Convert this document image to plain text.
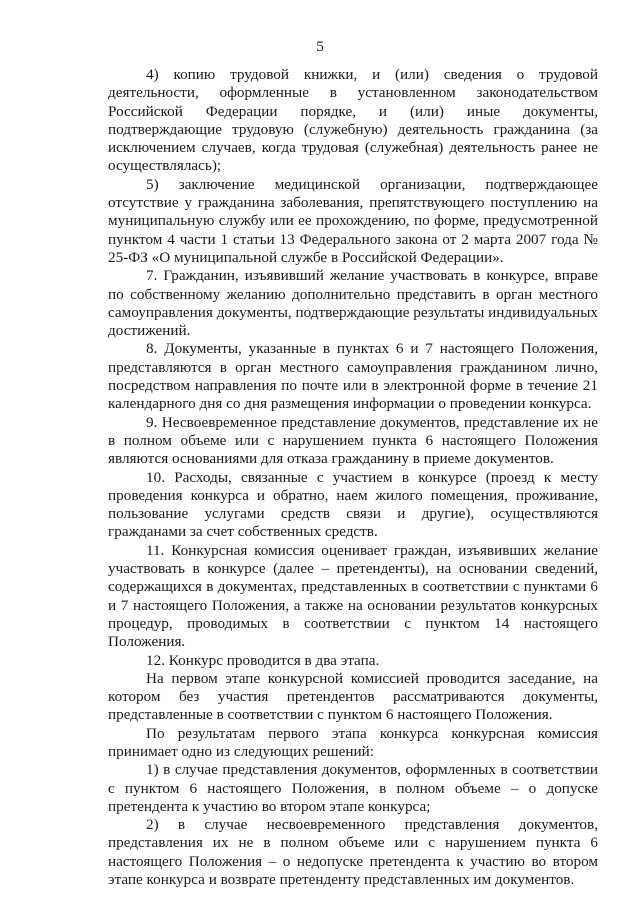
5

4) копию трудовой книжки, и (или) сведения о трудовой деятельности, оформленные в установленном законодательством Российской Федерации порядке, и (или) иные документы, подтверждающие трудовую (служебную) деятельность гражданина (за исключением случаев, когда трудовая (служебная) деятельность ранее не осуществлялась);

5) заключение медицинской организации, подтверждающее отсутствие у гражданина заболевания, препятствующего поступлению на муниципальную службу или ее прохождению, по форме, предусмотренной пунктом 4 части 1 статьи 13 Федерального закона от 2 марта 2007 года № 25-ФЗ «О муниципальной службе в Российской Федерации».

7. Гражданин, изъявивший желание участвовать в конкурсе, вправе по собственному желанию дополнительно представить в орган местного самоуправления документы, подтверждающие результаты индивидуальных достижений.

8. Документы, указанные в пунктах 6 и 7 настоящего Положения, представляются в орган местного самоуправления гражданином лично, посредством направления по почте или в электронной форме в течение 21 календарного дня со дня размещения информации о проведении конкурса.

9. Несвоевременное представление документов, представление их не в полном объеме или с нарушением пункта 6 настоящего Положения являются основаниями для отказа гражданину в приеме документов.

10. Расходы, связанные с участием в конкурсе (проезд к месту проведения конкурса и обратно, наем жилого помещения, проживание, пользование услугами средств связи и другие), осуществляются гражданами за счет собственных средств.

11. Конкурсная комиссия оценивает граждан, изъявивших желание участвовать в конкурсе (далее – претенденты), на основании сведений, содержащихся в документах, представленных в соответствии с пунктами 6 и 7 настоящего Положения, а также на основании результатов конкурсных процедур, проводимых в соответствии с пунктом 14 настоящего Положения.

12. Конкурс проводится в два этапа.

На первом этапе конкурсной комиссией проводится заседание, на котором без участия претендентов рассматриваются документы, представленные в соответствии с пунктом 6 настоящего Положения.

По результатам первого этапа конкурса конкурсная комиссия принимает одно из следующих решений:

1) в случае представления документов, оформленных в соответствии с пунктом 6 настоящего Положения, в полном объеме – о допуске претендента к участию во втором этапе конкурса;

2) в случае несвоевременного представления документов, представления их не в полном объеме или с нарушением пункта 6 настоящего Положения – о недопуске претендента к участию во втором этапе конкурса и возврате претенденту представленных им документов.
